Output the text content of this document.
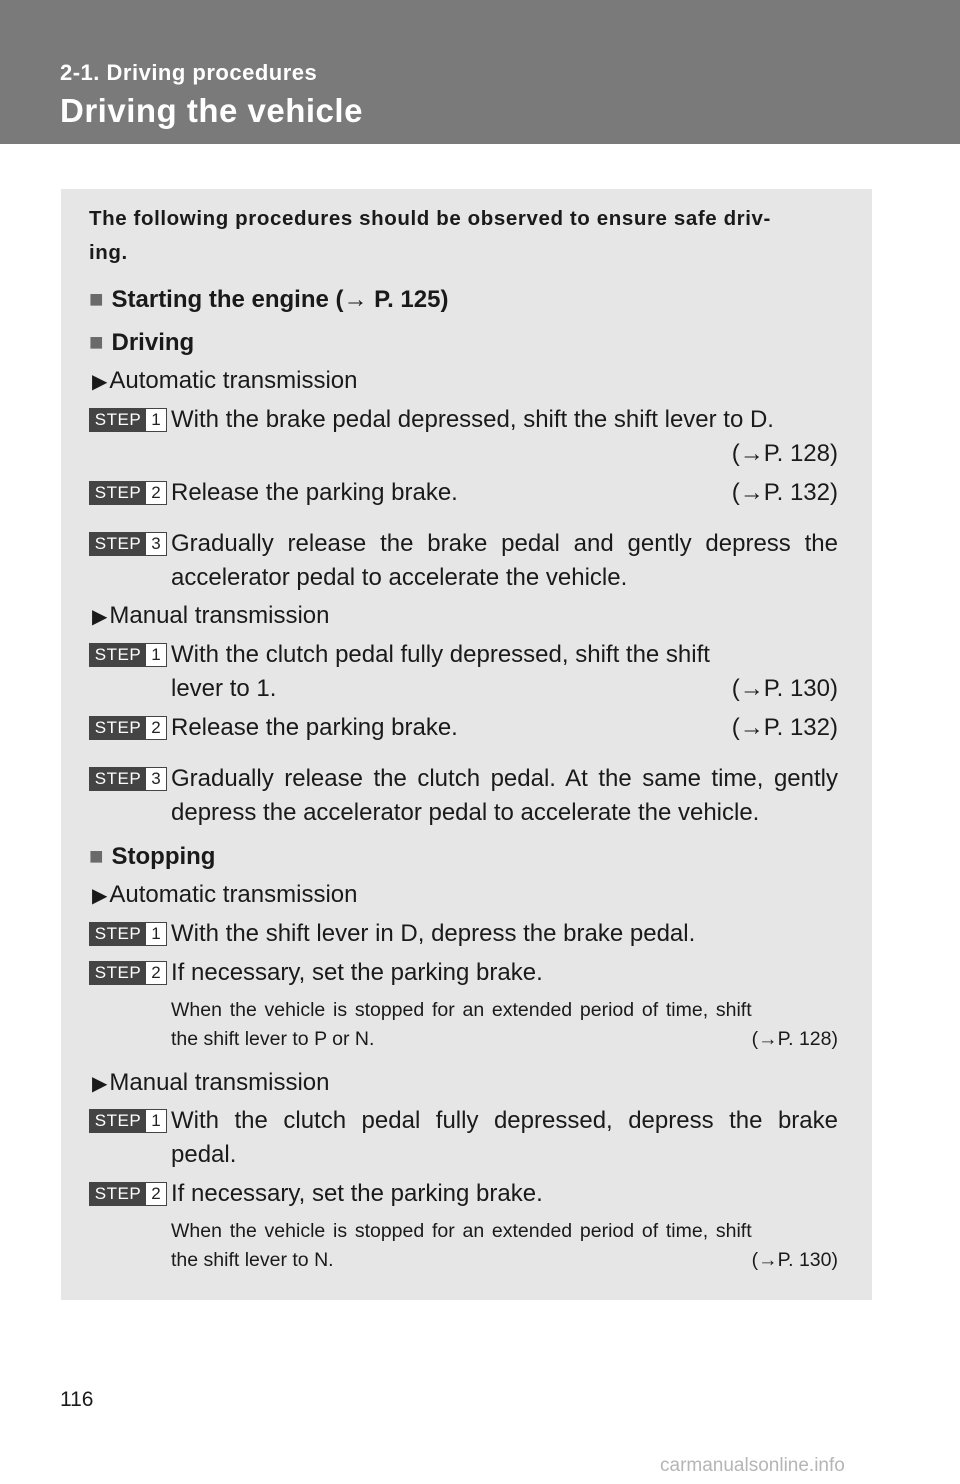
2-1. Driving procedures
Driving the vehicle
The following procedures should be observed to ensure safe driv-
ing.
■ Starting the engine (→ P. 125)
■ Driving
▶Automatic transmission
STEP 1 With the brake pedal depressed, shift the shift lever to D.
(→P. 128)

STEP 2 Release the parking brake.	(→P. 132)
STEP 3 Gradually release the brake pedal and gently depress the accelerator pedal to accelerate the vehicle.
▶Manual transmission
STEP 1
(→P. 130)
With the clutch pedal fully depressed, shift the shift lever to 1.
STEP 2 Release the parking brake.	(→P. 132)
STEP 3 Gradually release the clutch pedal. At the same time, gently depress the accelerator pedal to accelerate the vehicle.
■ Stopping
▶Automatic transmission
STEP 1 With the shift lever in D, depress the brake pedal.
STEP 2 If necessary, set the parking brake.
(→P. 128)
When the vehicle is stopped for an extended period of time, shift the shift lever to P or N.
▶Manual transmission
STEP 1 With the clutch pedal fully depressed, depress the brake pedal.
STEP 2 If necessary, set the parking brake.
(→P. 130)
When the vehicle is stopped for an extended period of time, shift the shift lever to N.
116
carmanualsonline.info
